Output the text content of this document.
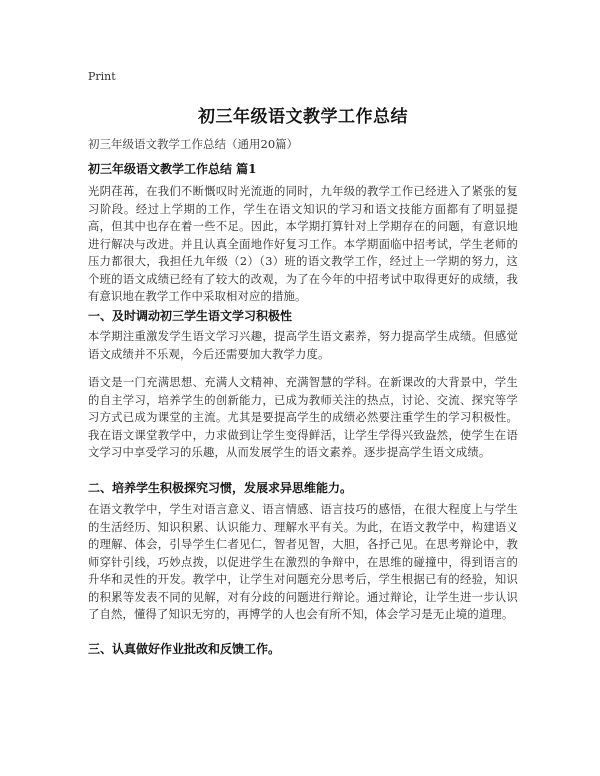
Print
初三年级语文教学工作总结
初三年级语文教学工作总结（通用20篇）
初三年级语文教学工作总结 篇1
光阴荏苒，在我们不断慨叹时光流逝的同时，九年级的教学工作已经进入了紧张的复习阶段。经过上学期的工作，学生在语文知识的学习和语文技能方面都有了明显提高，但其中也存在着一些不足。因此，本学期打算针对上学期存在的问题，有意识地进行解决与改进。并且认真全面地作好复习工作。本学期面临中招考试，学生老师的压力都很大，我担任九年级（2）（3）班的语文教学工作，经过上一学期的努力，这个班的语文成绩已经有了较大的改观，为了在今年的中招考试中取得更好的成绩，我有意识地在教学工作中采取相对应的措施。
一、及时调动初三学生语文学习积极性
本学期注重激发学生语文学习兴趣，提高学生语文素养，努力提高学生成绩。但感觉语文成绩并不乐观，今后还需要加大教学力度。
语文是一门充满思想、充满人文精神、充满智慧的学科。在新课改的大背景中，学生的自主学习，培养学生的创新能力，已成为教师关注的热点，讨论、交流、探究等学习方式已成为课堂的主流。尤其是要提高学生的成绩必然要注重学生的学习积极性。我在语文课堂教学中，力求做到让学生变得鲜活，让学生学得兴致盎然，使学生在语文学习中享受学习的乐趣，从而发展学生的语文素养。逐步提高学生语文成绩。
二、培养学生积极探究习惯，发展求异思维能力。
在语文教学中，学生对语言意义、语言情感、语言技巧的感悟，在很大程度上与学生的生活经历、知识积累、认识能力、理解水平有关。为此，在语文教学中，构建语义的理解、体会，引导学生仁者见仁，智者见智，大胆，各抒己见。在思考辩论中，教师穿针引线，巧妙点拨，以促进学生在激烈的争辩中，在思维的碰撞中，得到语言的升华和灵性的开发。教学中，让学生对问题充分思考后，学生根据已有的经验，知识的积累等发表不同的见解，对有分歧的问题进行辩论。通过辩论，让学生进一步认识了自然，懂得了知识无穷的，再博学的人也会有所不知，体会学习是无止境的道理。
三、认真做好作业批改和反馈工作。
